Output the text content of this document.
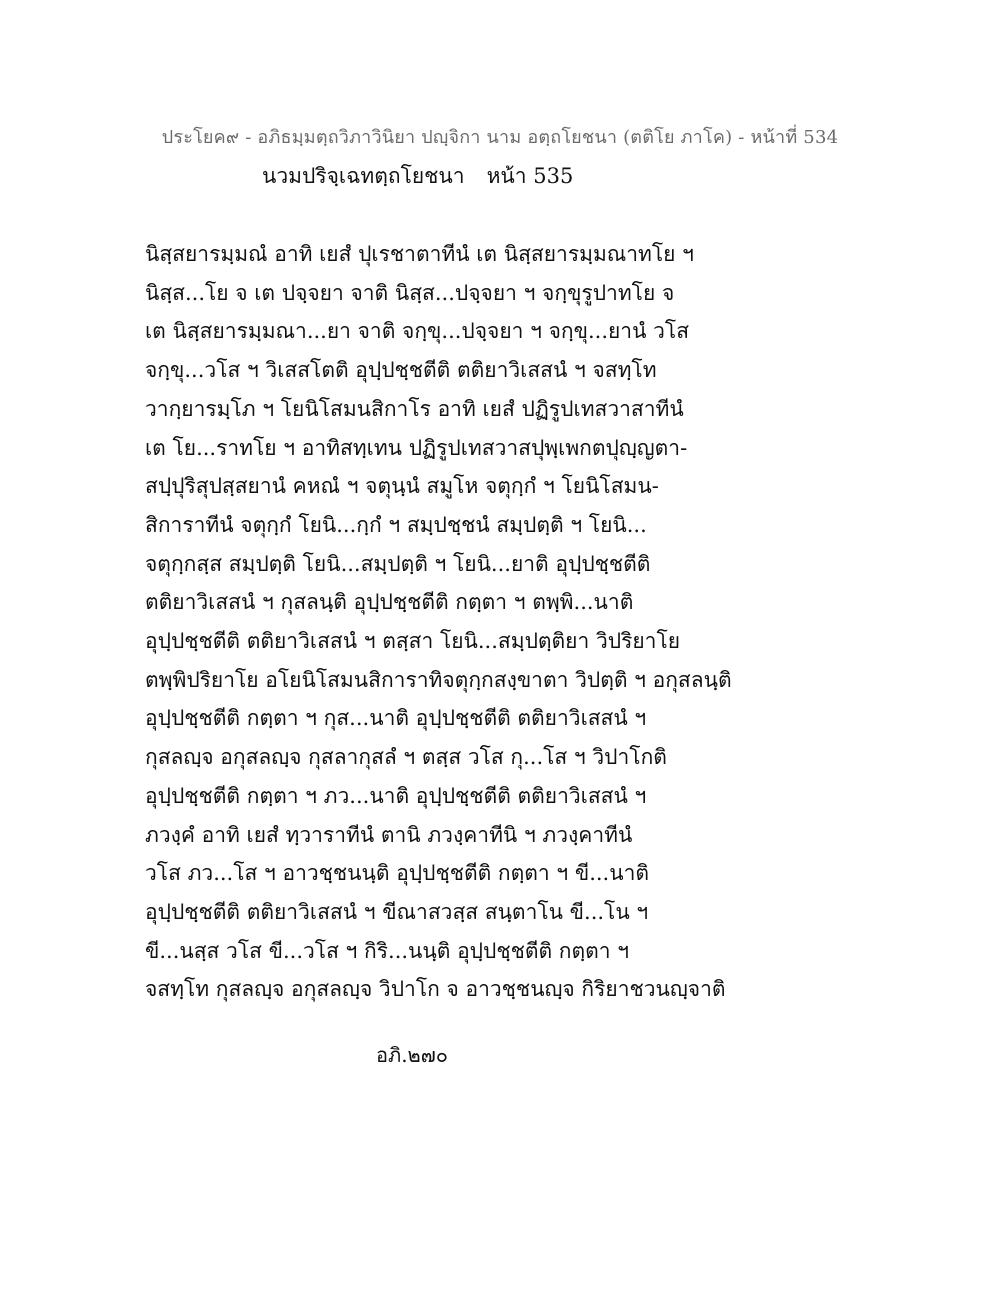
ประโยค๙ - อภิธมฺมตฺถวิภาวินิยา ปญฺจิกา นาม อตฺถโยชนา (ตติโย ภาโค) - หน้าที่ 534
นวมปริจฺเฉทตฺถโยชนา หน้า 535
นิสฺสยารมฺมณํ อาทิ เยสํ ปุเรชาตาทีนํ เต นิสฺสยารมฺมณาทโย ฯ
นิสฺส...โย จ เต ปจฺจยา จาติ นิสฺส...ปจฺจยา ฯ จกฺขุรูปาทโย จ
เต นิสฺสยารมฺมณา...ยา จาติ จกฺขุ...ปจฺจยา ฯ จกฺขุ...ยานํ วโส
จกฺขุ...วโส ฯ วิเสสโตติ อุปฺปชฺชตีติ ตติยาวิเสสนํ ฯ จสทฺโท
วากฺยารมฺโภ ฯ โยนิโสมนสิกาโร อาทิ เยสํ ปฏิรูปเทสวาสาทีนํ
เต โย...ราทโย ฯ อาทิสทฺเทน ปฏิรูปเทสวาสปุพฺเพกตปุญฺญตา-
สปฺปุริสุปสฺสยานํ คหณํ ฯ จตุนฺนํ สมูโห จตุกฺกํ ฯ โยนิโสมน-
สิการาทีนํ จตุกฺกํ โยนิ...กฺกํ ฯ สมฺปชฺชนํ สมฺปตฺติ ฯ โยนิ...
จตุกฺกสฺส สมฺปตฺติ โยนิ...สมฺปตฺติ ฯ โยนิ...ยาติ อุปฺปชฺชตีติ
ตติยาวิเสสนํ ฯ กุสลนฺติ อุปฺปชฺชตีติ กตฺตา ฯ ตพฺพิ...นาติ
อุปฺปชฺชตีติ ตติยาวิเสสนํ ฯ ตสฺสา โยนิ...สมฺปตฺติยา วิปริยาโย
ตพฺพิปริยาโย อโยนิโสมนสิการาทิจตุกฺกสงฺขาตา วิปตฺติ ฯ อกุสลนฺติ
อุปฺปชฺชตีติ กตฺตา ฯ กุส...นาติ อุปฺปชฺชตีติ ตติยาวิเสสนํ ฯ
กุสลญฺจ อกุสลญฺจ กุสลากุสลํ ฯ ตสฺส วโส กุ...โส ฯ วิปาโกติ
อุปฺปชฺชตีติ กตฺตา ฯ ภว...นาติ อุปฺปชฺชตีติ ตติยาวิเสสนํ ฯ
ภวงฺคํ อาทิ เยสํ ทฺวาราทีนํ ตานิ ภวงฺคาทีนิ ฯ ภวงฺคาทีนํ
วโส ภว...โส ฯ อาวชฺชนนฺติ อุปฺปชฺชตีติ กตฺตา ฯ ขี...นาติ
อุปฺปชฺชตีติ ตติยาวิเสสนํ ฯ ขีณาสวสฺส สนฺตาโน ขี...โน ฯ
ขี...นสฺส วโส ขี...วโส ฯ กิริ...นนฺติ อุปฺปชฺชตีติ กตฺตา ฯ
จสทฺโท กุสลญฺจ อกุสลญฺจ วิปาโก จ อาวชฺชนญฺจ กิริยาชวนญฺจาติ
อภิ.๒๗๐
